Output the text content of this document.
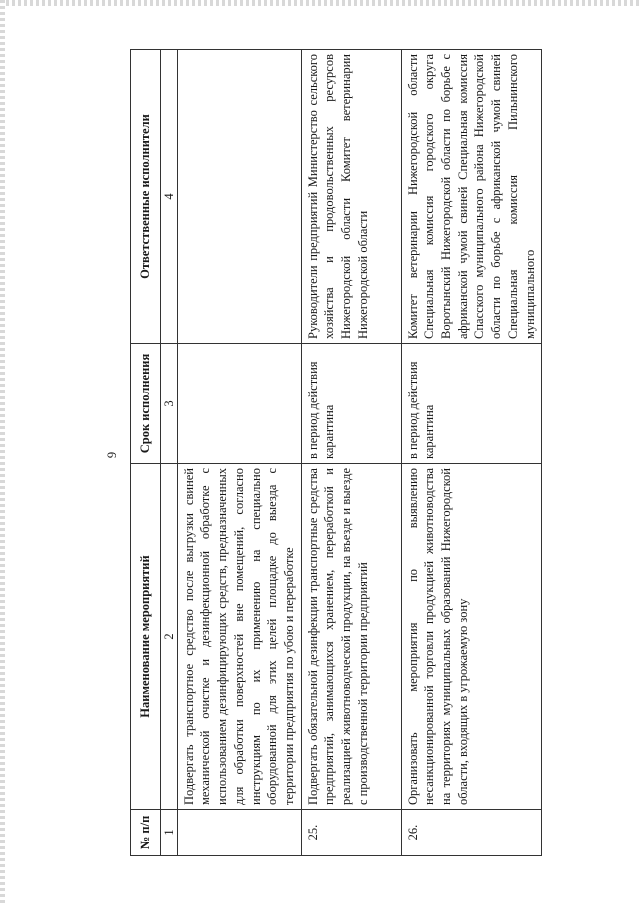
9
№ п/п	Наименование мероприятий	Срок исполнения	Ответственные исполнители
1	2	3	4
	Подвергать транспортное средство после выгрузки свиней механической очистке и дезинфекционной обработке с использованием дезинфицирующих средств, предназначенных для обработки поверхностей вне помещений, согласно инструкциям по их применению на специально оборудованной для этих целей площадке до выезда с территории предприятия по убою и переработке		
25.	Подвергать обязательной дезинфекции транспортные средства предприятий, занимающихся хранением, переработкой и реализацией животноводческой продукции, на въезде и выезде с производственной территории предприятий	в период действия карантина	Руководители предприятий Министерство сельского хозяйства и продовольственных ресурсов Нижегородской области Комитет ветеринарии Нижегородской области
26.	Организовать мероприятия по выявлению несанкционированной торговли продукцией животноводства на территориях муниципальных образований Нижегородской области, входящих в угрожаемую зону	в период действия карантина	Комитет ветеринарии Нижегородской области Специальная комиссия городского округа Воротынский Нижегородской области по борьбе с африканской чумой свиней Специальная комиссия Спасского муниципального района Нижегородской области по борьбе с африканской чумой свиней Специальная комиссия Пильнинского муниципального
